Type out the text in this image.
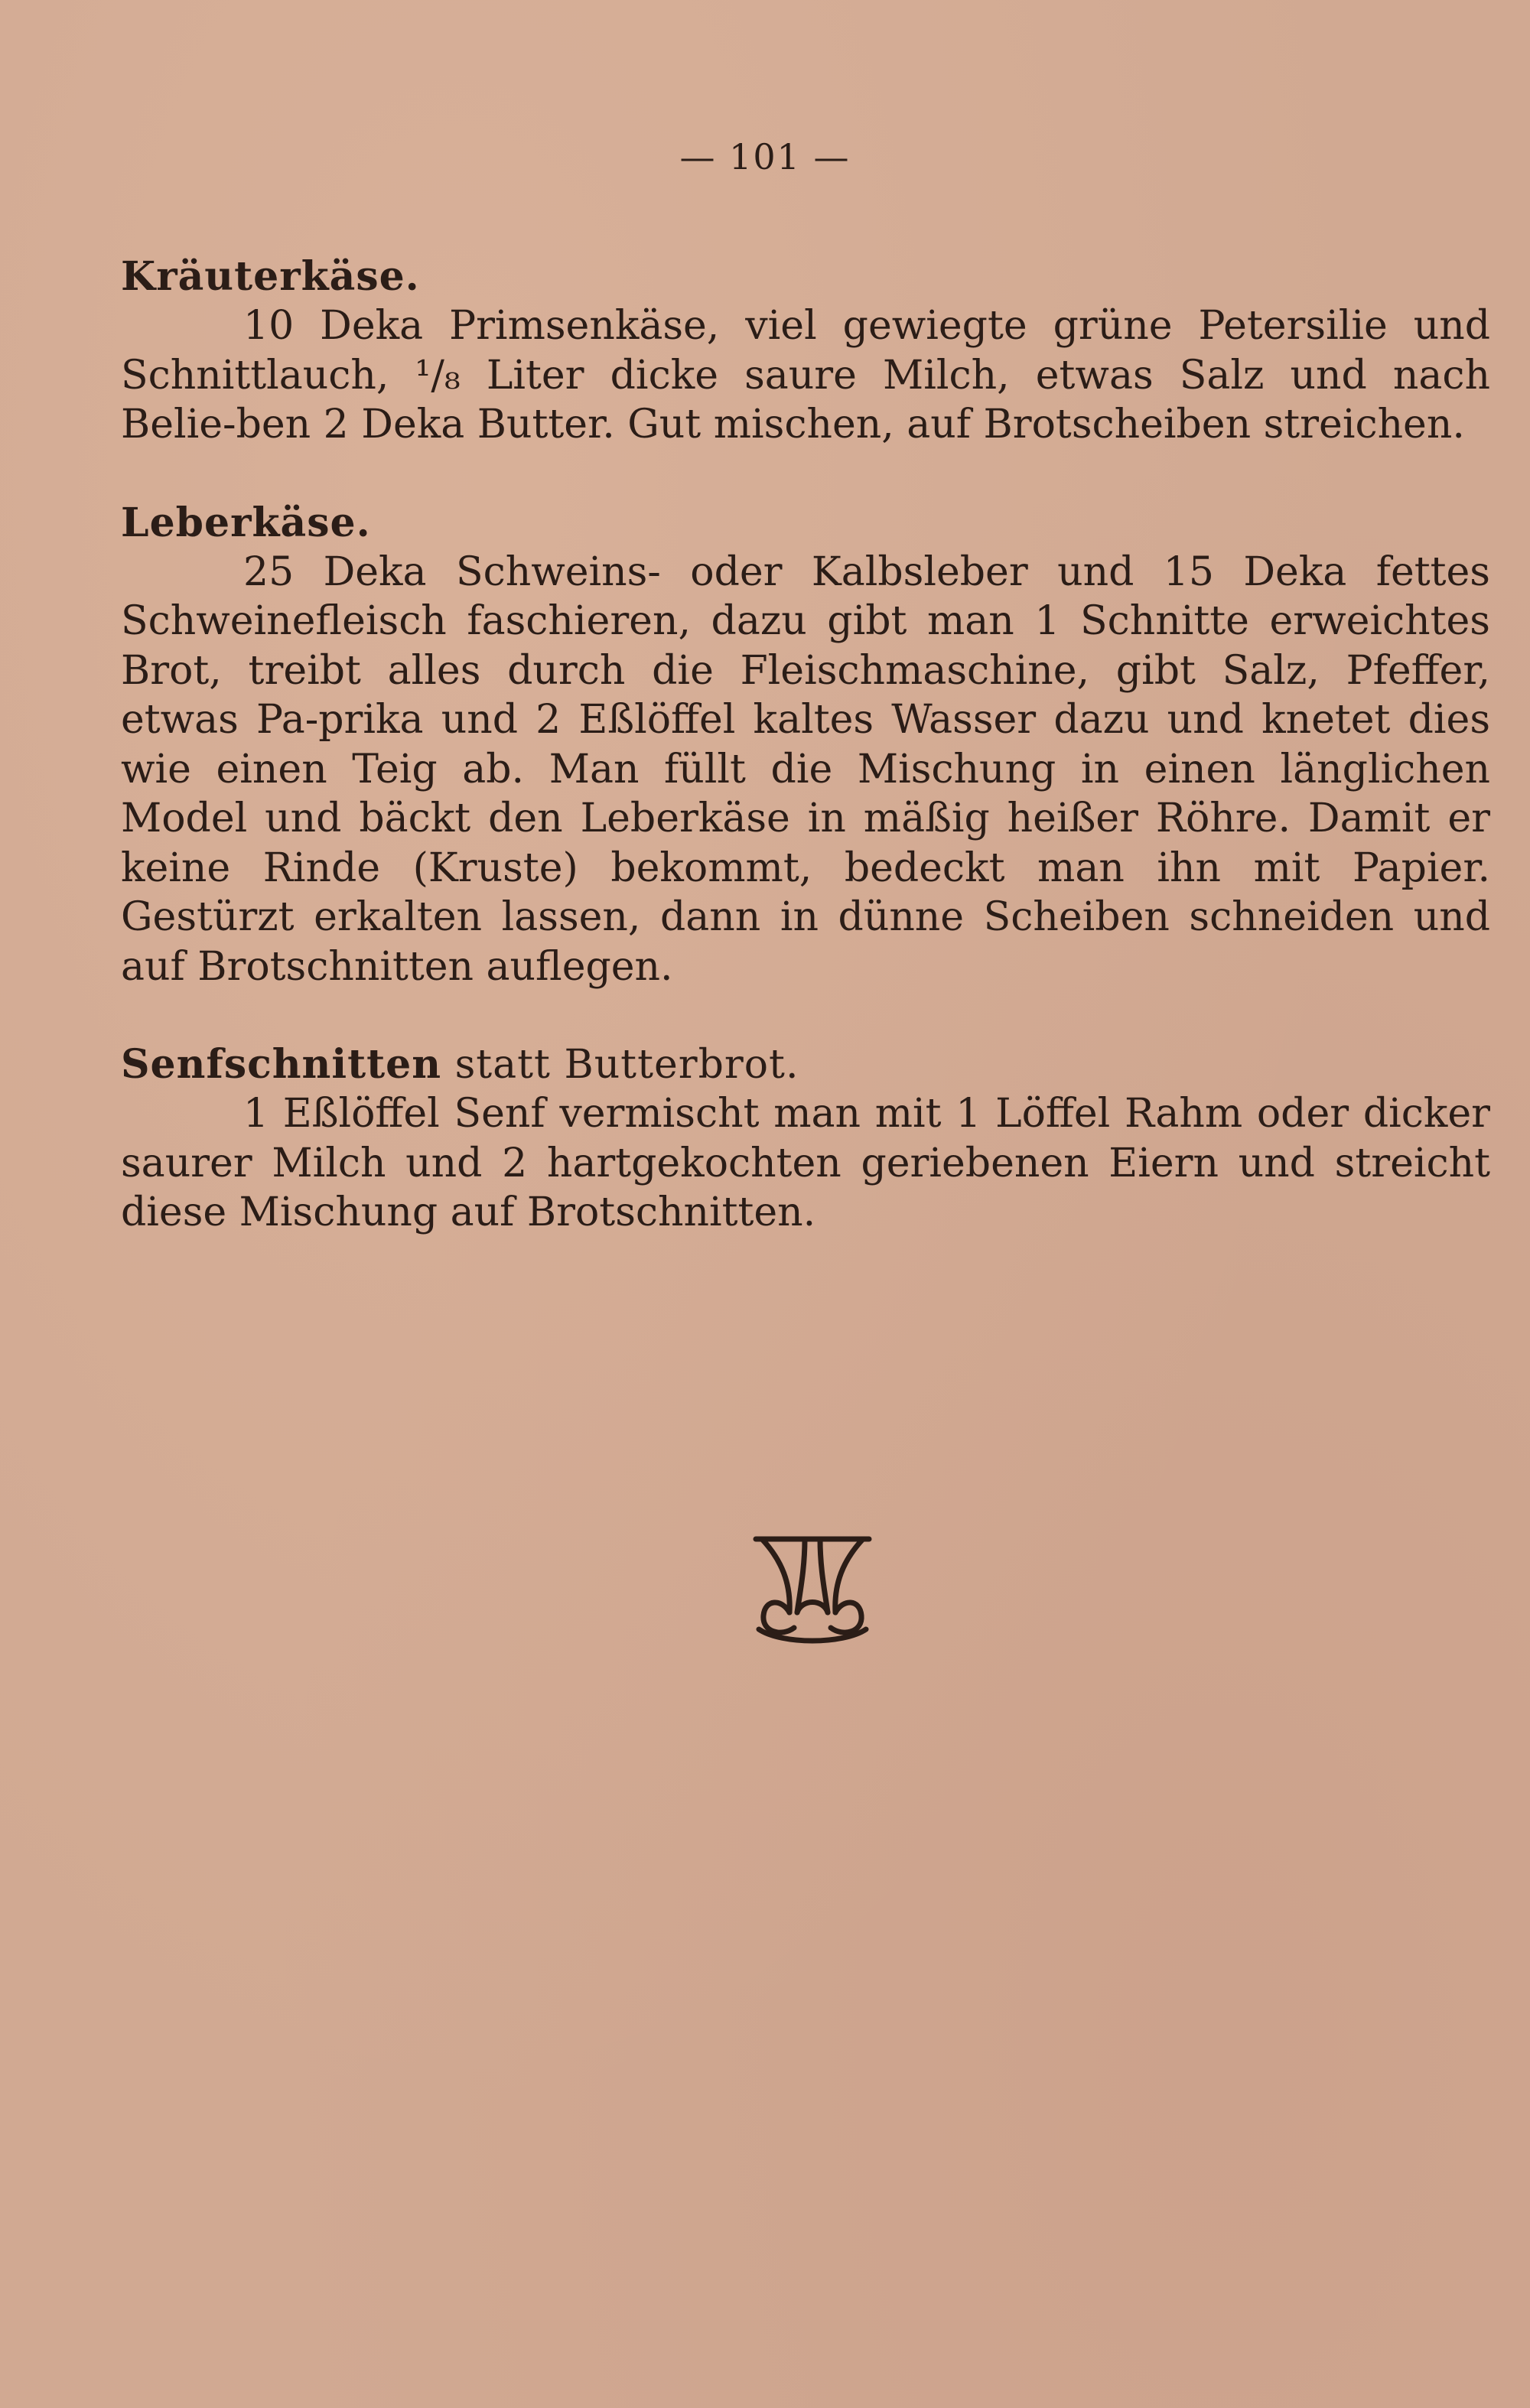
— 101 —

Kräuterkäse.

10 Deka Primsenkäse, viel gewiegte grüne Petersilie und Schnittlauch, ¹/₈ Liter dicke saure Milch, etwas Salz und nach Belie-ben 2 Deka Butter. Gut mischen, auf Brotscheiben streichen.

Leberkäse.

25 Deka Schweins- oder Kalbsleber und 15 Deka fettes Schweinefleisch faschieren, dazu gibt man 1 Schnitte erweichtes Brot, treibt alles durch die Fleischmaschine, gibt Salz, Pfeffer, etwas Pa-prika und 2 Eßlöffel kaltes Wasser dazu und knetet dies wie einen Teig ab. Man füllt die Mischung in einen länglichen Model und bäckt den Leberkäse in mäßig heißer Röhre. Damit er keine Rinde (Kruste) bekommt, bedeckt man ihn mit Papier. Gestürzt erkalten lassen, dann in dünne Scheiben schneiden und auf Brotschnitten auflegen.

Senfschnitten statt Butterbrot.

1 Eßlöffel Senf vermischt man mit 1 Löffel Rahm oder dicker saurer Milch und 2 hartgekochten geriebenen Eiern und streicht diese Mischung auf Brotschnitten.
